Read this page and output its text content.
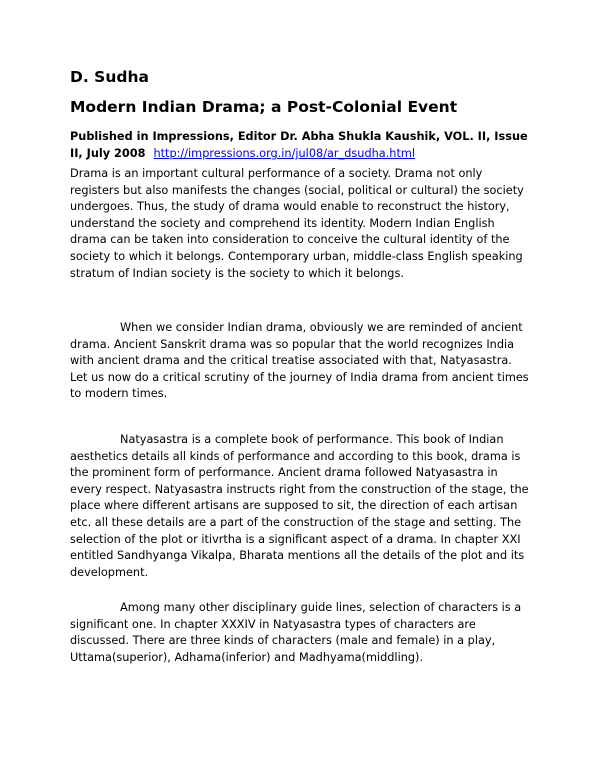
D. Sudha
Modern Indian Drama; a Post-Colonial Event

Published in Impressions, Editor Dr. Abha Shukla Kaushik, VOL. II, Issue II, July 2008 http://impressions.org.in/jul08/ar_dsudha.html

Drama is an important cultural performance of a society. Drama not only registers but also manifests the changes (social, political or cultural) the society undergoes. Thus, the study of drama would enable to reconstruct the history, understand the society and comprehend its identity. Modern Indian English drama can be taken into consideration to conceive the cultural identity of the society to which it belongs. Contemporary urban, middle-class English speaking stratum of Indian society is the society to which it belongs.

When we consider Indian drama, obviously we are reminded of ancient drama. Ancient Sanskrit drama was so popular that the world recognizes India with ancient drama and the critical treatise associated with that, Natyasastra. Let us now do a critical scrutiny of the journey of India drama from ancient times to modern times.

Natyasastra is a complete book of performance. This book of Indian aesthetics details all kinds of performance and according to this book, drama is the prominent form of performance. Ancient drama followed Natyasastra in every respect. Natyasastra instructs right from the construction of the stage, the place where different artisans are supposed to sit, the direction of each artisan etc. all these details are a part of the construction of the stage and setting. The selection of the plot or itivrtha is a significant aspect of a drama. In chapter XXI entitled Sandhyanga Vikalpa, Bharata mentions all the details of the plot and its development.

Among many other disciplinary guide lines, selection of characters is a significant one. In chapter XXXIV in Natyasastra types of characters are discussed. There are three kinds of characters (male and female) in a play, Uttama(superior), Adhama(inferior) and Madhyama(middling).
